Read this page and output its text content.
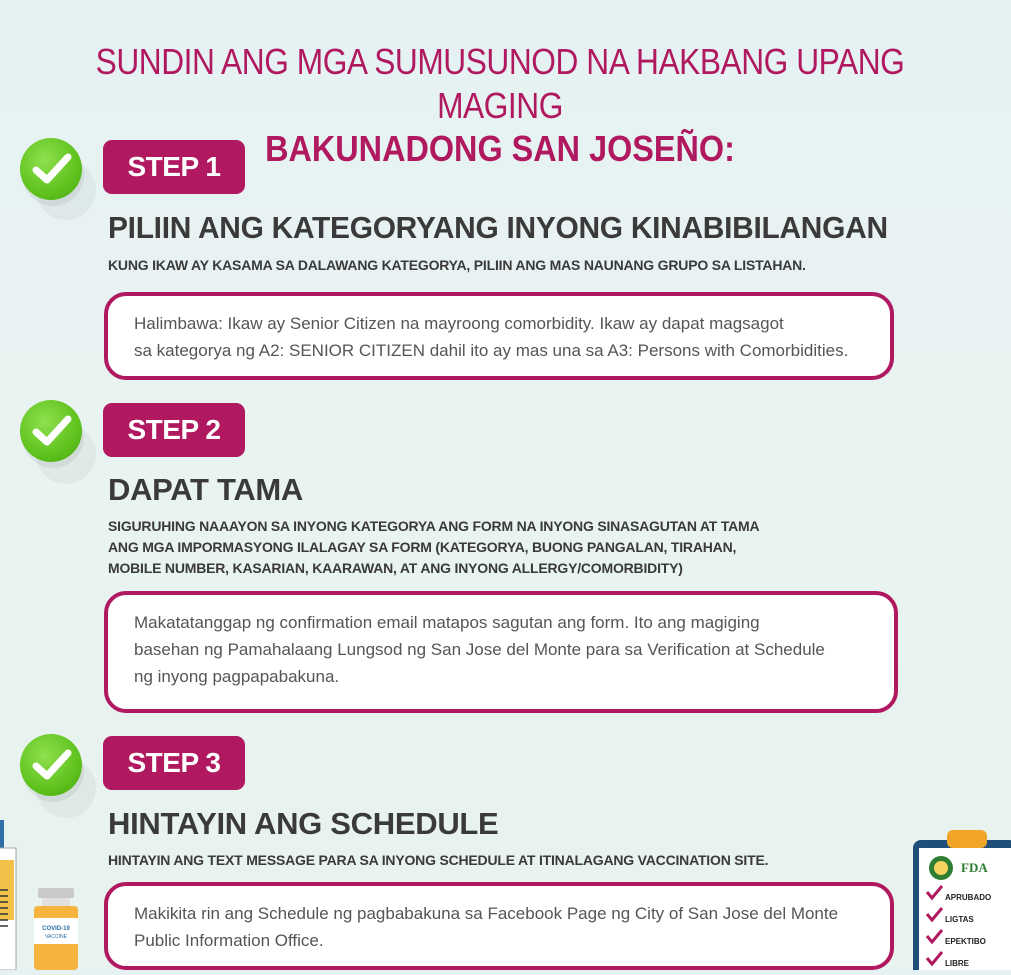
SUNDIN ANG MGA SUMUSUNOD NA HAKBANG UPANG MAGING
BAKUNADONG SAN JOSEÑO:
STEP 1
PILIIN ANG KATEGORYANG INYONG KINABIBILANGAN
KUNG IKAW AY KASAMA SA DALAWANG KATEGORYA, PILIIN ANG MAS NAUNANG GRUPO SA LISTAHAN.
Halimbawa: Ikaw ay Senior Citizen na mayroong comorbidity. Ikaw ay dapat magsagot
sa kategorya ng A2: SENIOR CITIZEN dahil ito ay mas una sa A3: Persons with Comorbidities.
STEP 2
DAPAT TAMA
SIGURUHING NAAAYON SA INYONG KATEGORYA ANG FORM NA INYONG SINASAGUTAN AT TAMA
ANG MGA IMPORMASYONG ILALAGAY SA FORM (KATEGORYA, BUONG PANGALAN, TIRAHAN,
MOBILE NUMBER, KASARIAN, KAARAWAN, AT ANG INYONG ALLERGY/COMORBIDITY)
Makatatanggap ng confirmation email matapos sagutan ang form. Ito ang magiging
basehan ng Pamahalaang Lungsod ng San Jose del Monte para sa Verification at Schedule
ng inyong pagpapabakuna.
STEP 3
HINTAYIN ANG SCHEDULE
HINTAYIN ANG TEXT MESSAGE PARA SA INYONG SCHEDULE AT ITINALAGANG VACCINATION SITE.
Makikita rin ang Schedule ng pagbabakuna sa Facebook Page ng City of San Jose del Monte
Public Information Office.
COVID-19
VACCINE
FDA
APRUBADO
LIGTAS
EPEKTIBO
LIBRE
